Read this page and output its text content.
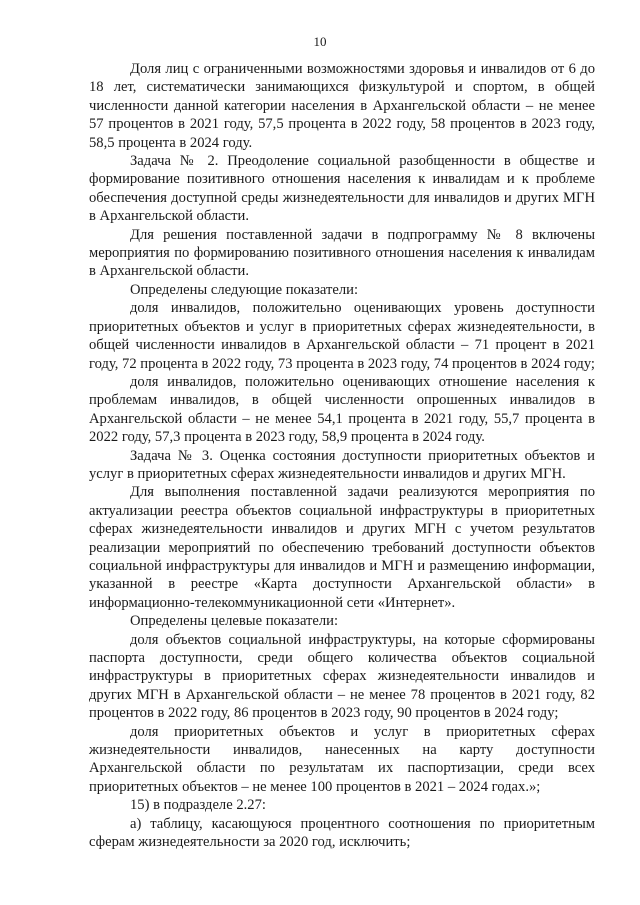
10

Доля лиц с ограниченными возможностями здоровья и инвалидов от 6 до 18 лет, систематически занимающихся физкультурой и спортом, в общей численности данной категории населения в Архангельской области – не менее 57 процентов в 2021 году, 57,5 процента в 2022 году, 58 процентов в 2023 году, 58,5 процента в 2024 году.

Задача № 2. Преодоление социальной разобщенности в обществе и формирование позитивного отношения населения к инвалидам и к проблеме обеспечения доступной среды жизнедеятельности для инвалидов и других МГН в Архангельской области.

Для решения поставленной задачи в подпрограмму № 8 включены мероприятия по формированию позитивного отношения населения к инвалидам в Архангельской области.

Определены следующие показатели:

доля инвалидов, положительно оценивающих уровень доступности приоритетных объектов и услуг в приоритетных сферах жизнедеятельности, в общей численности инвалидов в Архангельской области – 71 процент в 2021 году, 72 процента в 2022 году, 73 процента в 2023 году, 74 процентов в 2024 году;

доля инвалидов, положительно оценивающих отношение населения к проблемам инвалидов, в общей численности опрошенных инвалидов в Архангельской области – не менее 54,1 процента в 2021 году, 55,7 процента в 2022 году, 57,3 процента в 2023 году, 58,9 процента в 2024 году.

Задача № 3. Оценка состояния доступности приоритетных объектов и услуг в приоритетных сферах жизнедеятельности инвалидов и других МГН.

Для выполнения поставленной задачи реализуются мероприятия по актуализации реестра объектов социальной инфраструктуры в приоритетных сферах жизнедеятельности инвалидов и других МГН с учетом результатов реализации мероприятий по обеспечению требований доступности объектов социальной инфраструктуры для инвалидов и МГН и размещению информации, указанной в реестре «Карта доступности Архангельской области» в информационно-телекоммуникационной сети «Интернет».

Определены целевые показатели:

доля объектов социальной инфраструктуры, на которые сформированы паспорта доступности, среди общего количества объектов социальной инфраструктуры в приоритетных сферах жизнедеятельности инвалидов и других МГН в Архангельской области – не менее 78 процентов в 2021 году, 82 процентов в 2022 году, 86 процентов в 2023 году, 90 процентов в 2024 году;

доля приоритетных объектов и услуг в приоритетных сферах жизнедеятельности инвалидов, нанесенных на карту доступности Архангельской области по результатам их паспортизации, среди всех приоритетных объектов – не менее 100 процентов в 2021 – 2024 годах.»;

15) в подразделе 2.27:

а) таблицу, касающуюся процентного соотношения по приоритетным сферам жизнедеятельности за 2020 год, исключить;
